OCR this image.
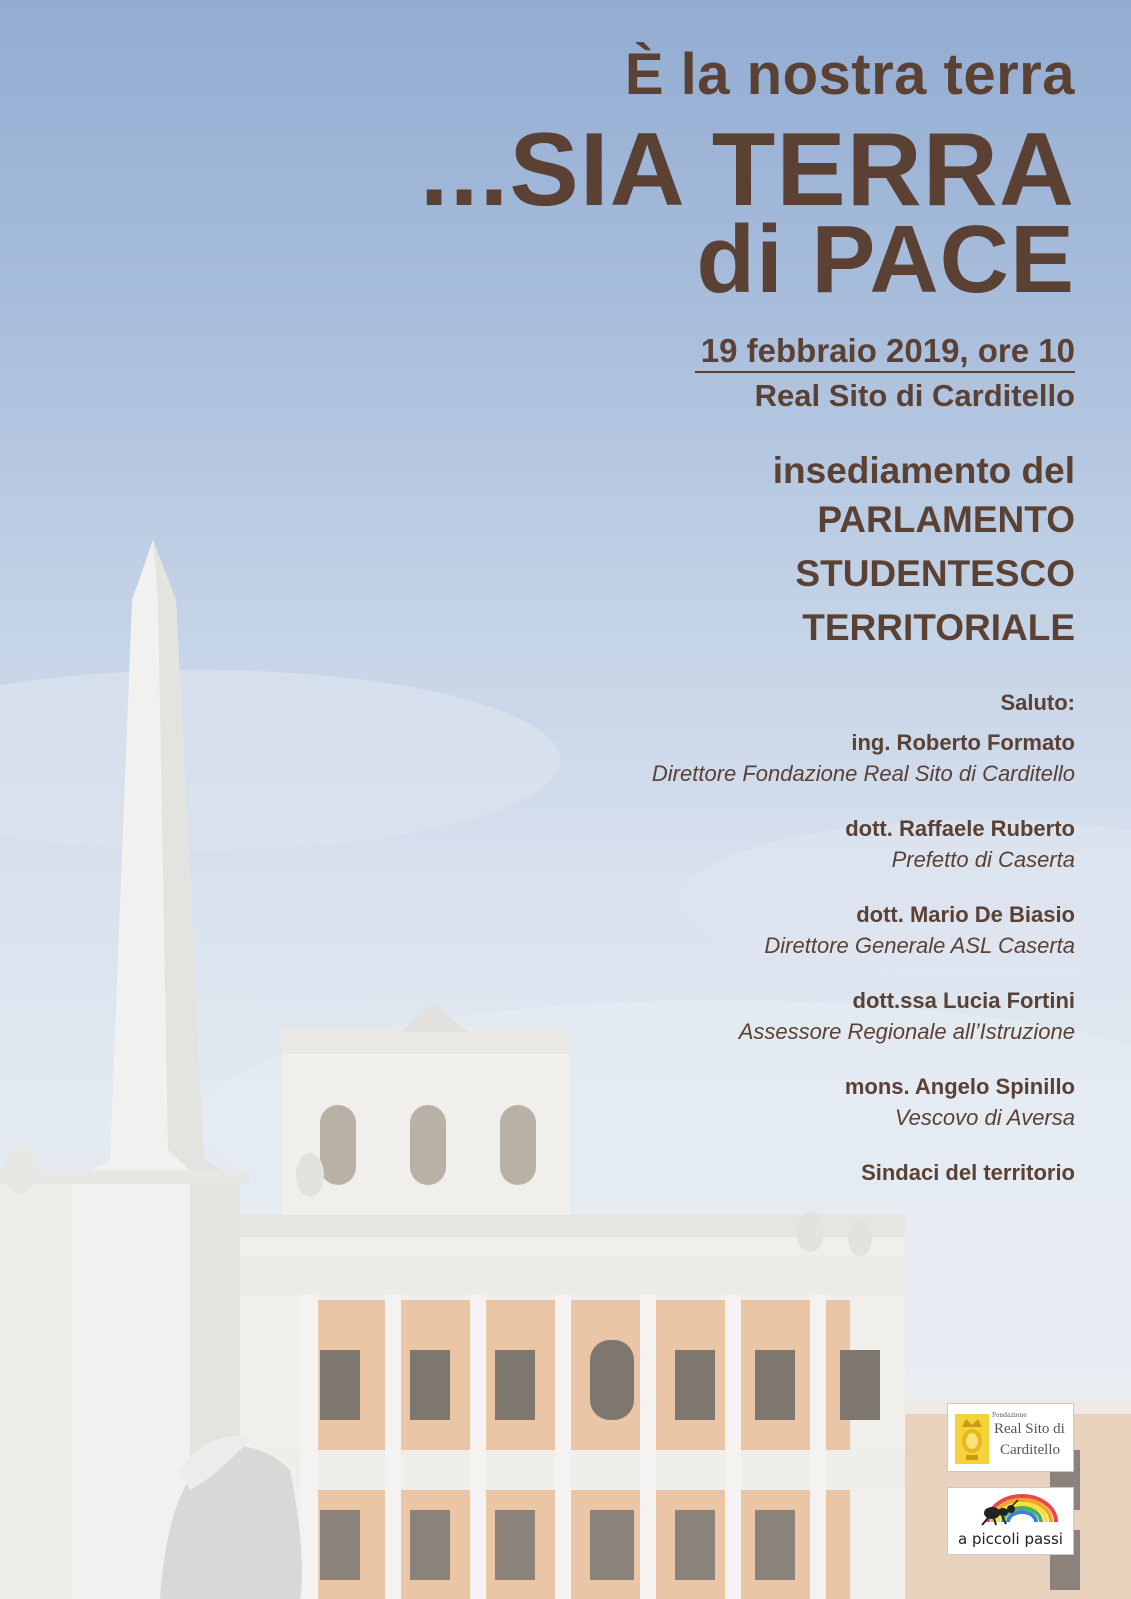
È la nostra terra
...SIA TERRA
di PACE
19 febbraio 2019, ore 10
Real Sito di Carditello
insediamento del
PARLAMENTO
STUDENTESCO
TERRITORIALE
Saluto:
ing. Roberto Formato
Direttore Fondazione Real Sito di Carditello
dott. Raffaele Ruberto
Prefetto di Caserta
dott. Mario De Biasio
Direttore Generale ASL Caserta
dott.ssa Lucia Fortini
Assessore Regionale all’Istruzione
mons. Angelo Spinillo
Vescovo di Aversa
Sindaci del territorio
Fondazione
Real Sito di
Carditello
a piccoli passi
